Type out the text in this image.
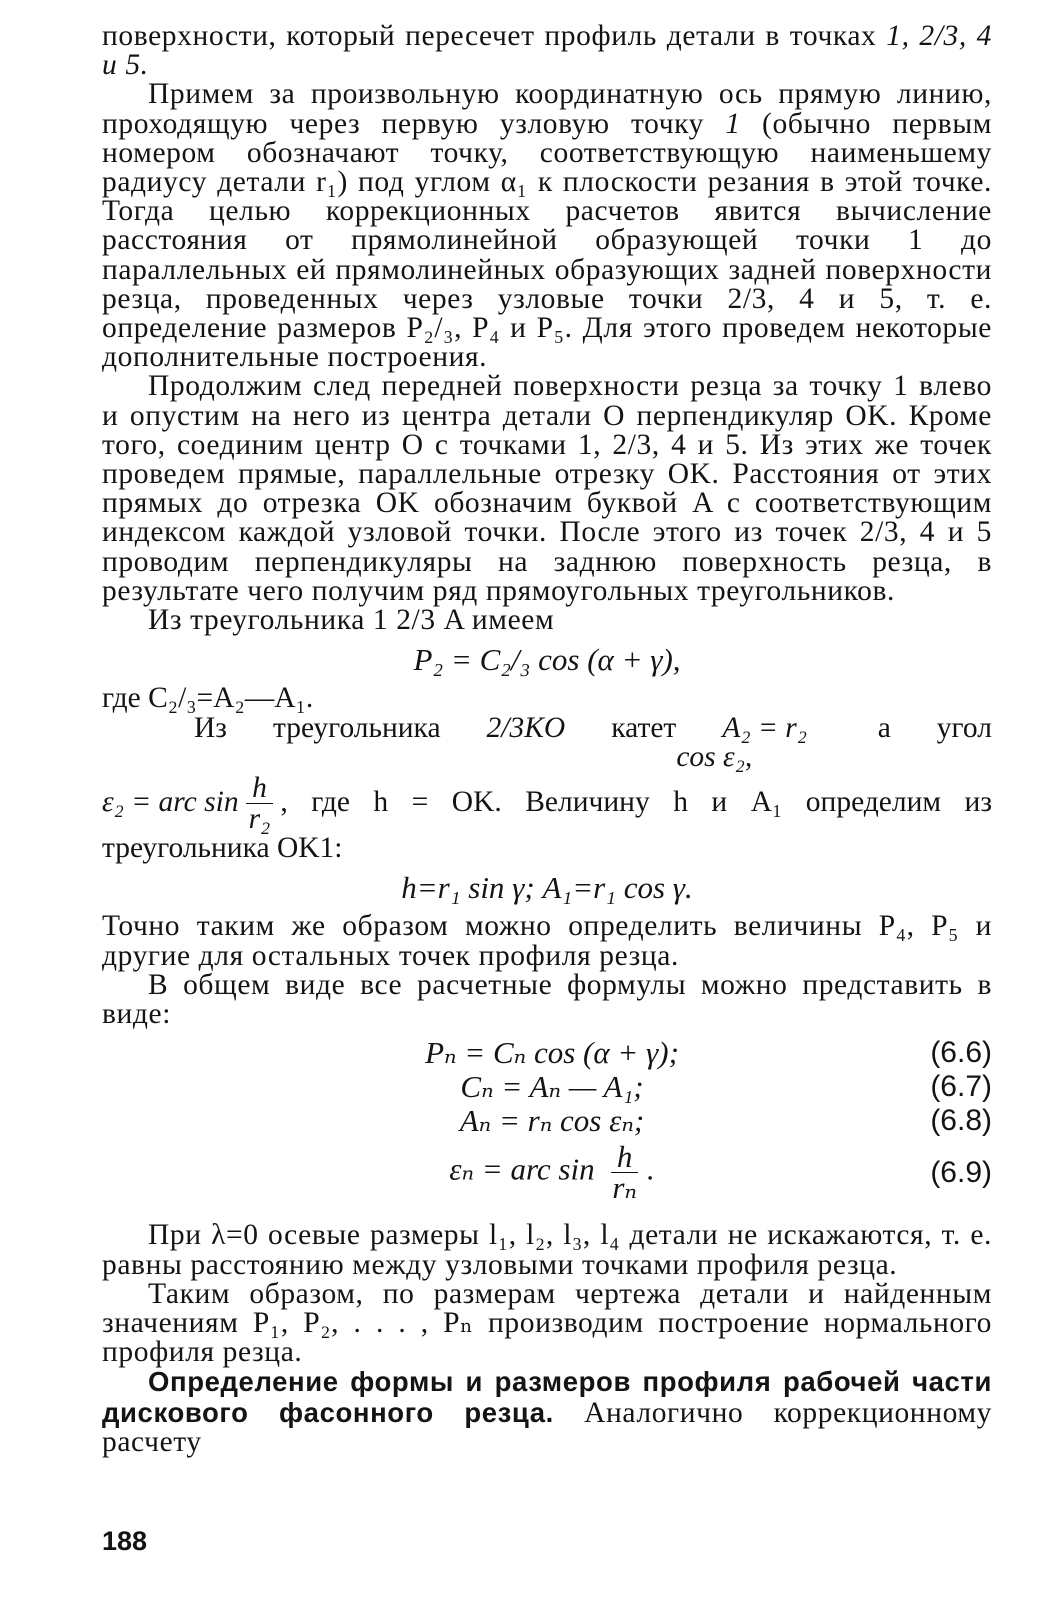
поверхности, который пересечет профиль детали в точках 1, 2/3, 4 и 5.

Примем за произвольную координатную ось прямую линию, проходящую через первую узловую точку 1 (обычно первым номером обозначают точку, соответствующую наименьшему радиусу детали r₁) под углом α₁ к плоскости резания в этой точке. Тогда целью коррекционных расчетов явится вычисление расстояния от прямолинейной образующей точки 1 до параллельных ей прямолинейных образующих задней поверхности резца, проведенных через узловые точки 2/3, 4 и 5, т. е. определение размеров P₂/₃, P₄ и P₅. Для этого проведем некоторые дополнительные построения.

Продолжим след передней поверхности резца за точку 1 влево и опустим на него из центра детали O перпендикуляр OK. Кроме того, соединим центр O с точками 1, 2/3, 4 и 5. Из этих же точек проведем прямые, параллельные отрезку OK. Расстояния от этих прямых до отрезка OK обозначим буквой A с соответствующим индексом каждой узловой точки. После этого из точек 2/3, 4 и 5 проводим перпендикуляры на заднюю поверхность резца, в результате чего получим ряд прямоугольных треугольников.

Из треугольника 1 2/3 A имеем

P₂ = C₂/₃ cos (α + γ),

где C₂/₃=A₂—A₁.

Из	треугольника	2/3KO	катет	A₂ = r₂ cos ε₂,
а	угол
ε₂ = arc $\sin \frac{h}{\text{r₂}}$ , где h = OK. Величину h и A₁ определим из

треугольника OK1:

h=r₁ sin γ; A₁=r₁ cos γ.

Точно таким же образом можно определить величины P₄, P₅ и другие для остальных точек профиля резца.

В общем виде все расчетные формулы можно представить в виде:

Pₙ = Cₙ cos (α + γ);	(6.6)
Cₙ = Aₙ — A₁;	(6.7)
Aₙ = rₙ cos εₙ;	(6.8)
εₙ = arc $\sin \frac{h}{\text{rₙ}}$ .	(6.9)

При λ=0 осевые размеры l₁, l₂, l₃, l₄ детали не искажаются, т. е. равны расстоянию между узловыми точками профиля резца.

Таким образом, по размерам чертежа детали и найденным значениям P₁, P₂, . . . , Pₙ производим построение нормального профиля резца.

Определение формы и размеров профиля рабочей части дискового фасонного резца. Аналогично коррекционному расчету

188
